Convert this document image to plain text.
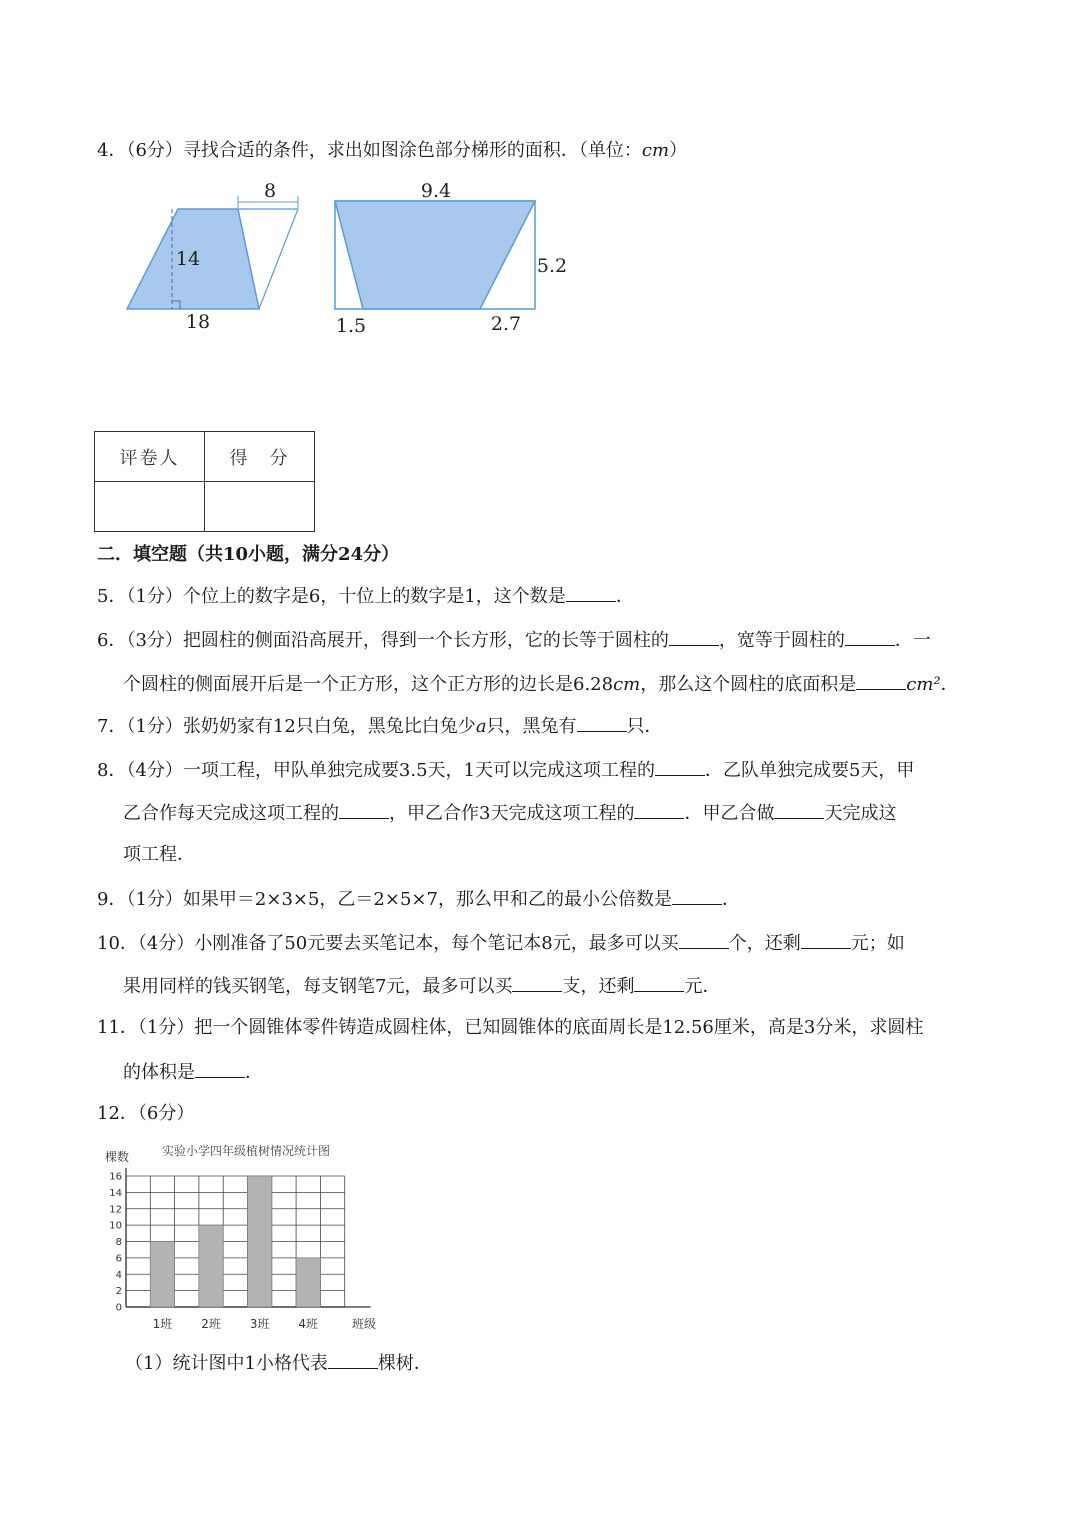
4．（6分）寻找合适的条件，求出如图涂色部分梯形的面积．（单位：cm）
8
14
18
9.4
5.2
1.5	2.7
评卷人	得　分

二．填空题（共10小题，满分24分）
5．（1分）个位上的数字是6，十位上的数字是1，这个数是	．
6．（3分）把圆柱的侧面沿高展开，得到一个长方形，它的长等于圆柱的	，宽等于圆柱的	．一
个圆柱的侧面展开后是一个正方形，这个正方形的边长是6.28cm，那么这个圆柱的底面积是	cm²．
7．（1分）张奶奶家有12只白兔，黑兔比白兔少a只，黑兔有	只．
8．（4分）一项工程，甲队单独完成要3.5天，1天可以完成这项工程的	．乙队单独完成要5天，甲
乙合作每天完成这项工程的	，甲乙合作3天完成这项工程的	．甲乙合做	天完成这
项工程．
9．（1分）如果甲＝2×3×5，乙＝2×5×7，那么甲和乙的最小公倍数是	．
10．（4分）小刚准备了50元要去买笔记本，每个笔记本8元，最多可以买	个，还剩	元；如
果用同样的钱买钢笔，每支钢笔7元，最多可以买	支，还剩	元．
11．（1分）把一个圆锥体零件铸造成圆柱体，已知圆锥体的底面周长是12.56厘米，高是3分米，求圆柱
的体积是	．
12．（6分）
实验小学四年级植树情况统计图
棵数
班级
0
2
4
6
8
10
12
14
16
1班 2班 3班 4班
（1）统计图中1小格代表	棵树．
